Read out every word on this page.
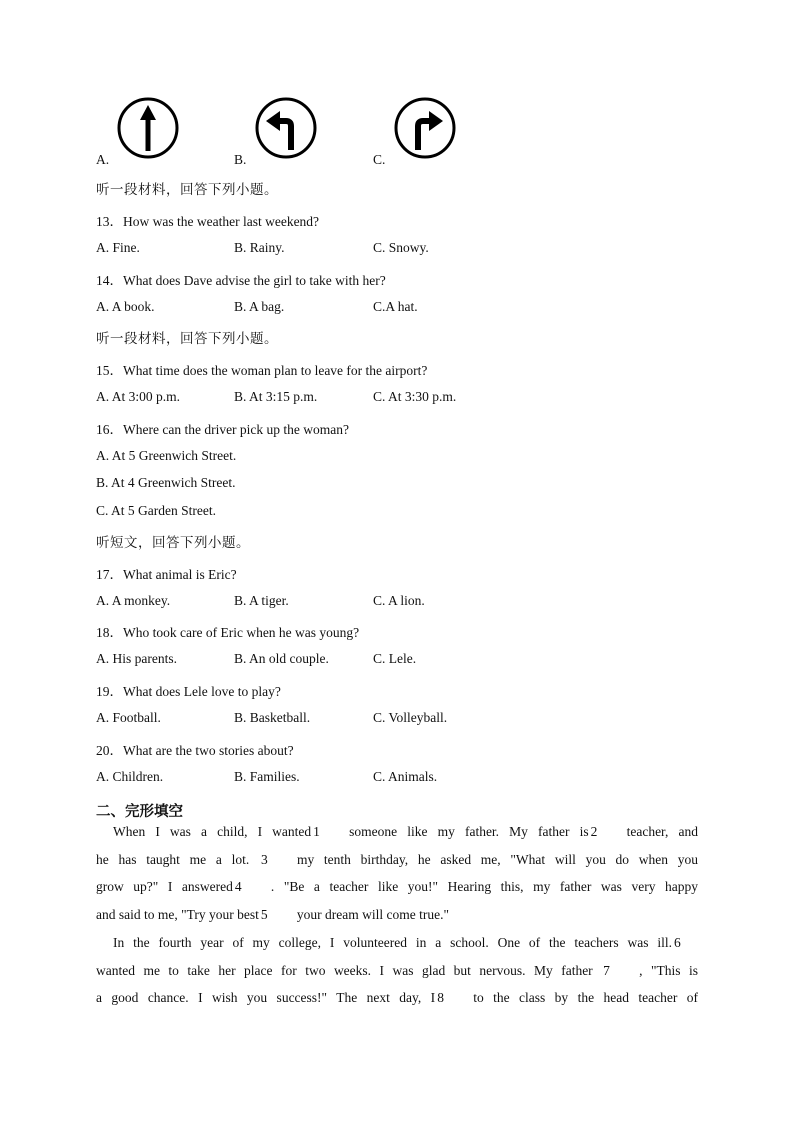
A.	B.	C.
听一段材料，回答下列小题。
13．How was the weather last weekend?
A. Fine.	B. Rainy.	C. Snowy.
14．What does Dave advise the girl to take with her?
A. A book.	B. A bag.	C.A hat.
听一段材料，回答下列小题。
15．What time does the woman plan to leave for the airport?
A. At 3:00 p.m.	B. At 3:15 p.m.	C. At 3:30 p.m.
16．Where can the driver pick up the woman?
A. At 5 Greenwich Street.
B. At 4 Greenwich Street.
C. At 5 Garden Street.
听短文，回答下列小题。
17．What animal is Eric?
A. A monkey.	B. A tiger.	C. A lion.
18．Who took care of Eric when he was young?
A. His parents.	B. An old couple.	C. Lele.
19．What does Lele love to play?
A. Football.	B. Basketball.	C. Volleyball.
20．What are the two stories about?
A. Children.	B. Families.	C. Animals.
二、完形填空
When I was a child, I wanted 1 someone like my father. My father is 2 teacher, and
he has taught me a lot. 3 my tenth birthday, he asked me, "What will you do when you
grow up?" I answered 4 . "Be a teacher like you!" Hearing this, my father was very happy
and said to me, "Try your best 5 your dream will come true."
In the fourth year of my college, I volunteered in a school. One of the teachers was ill. 6
wanted me to take her place for two weeks. I was glad but nervous. My father 7 , "This is
a good chance. I wish you success!" The next day, I 8 to the class by the head teacher of
